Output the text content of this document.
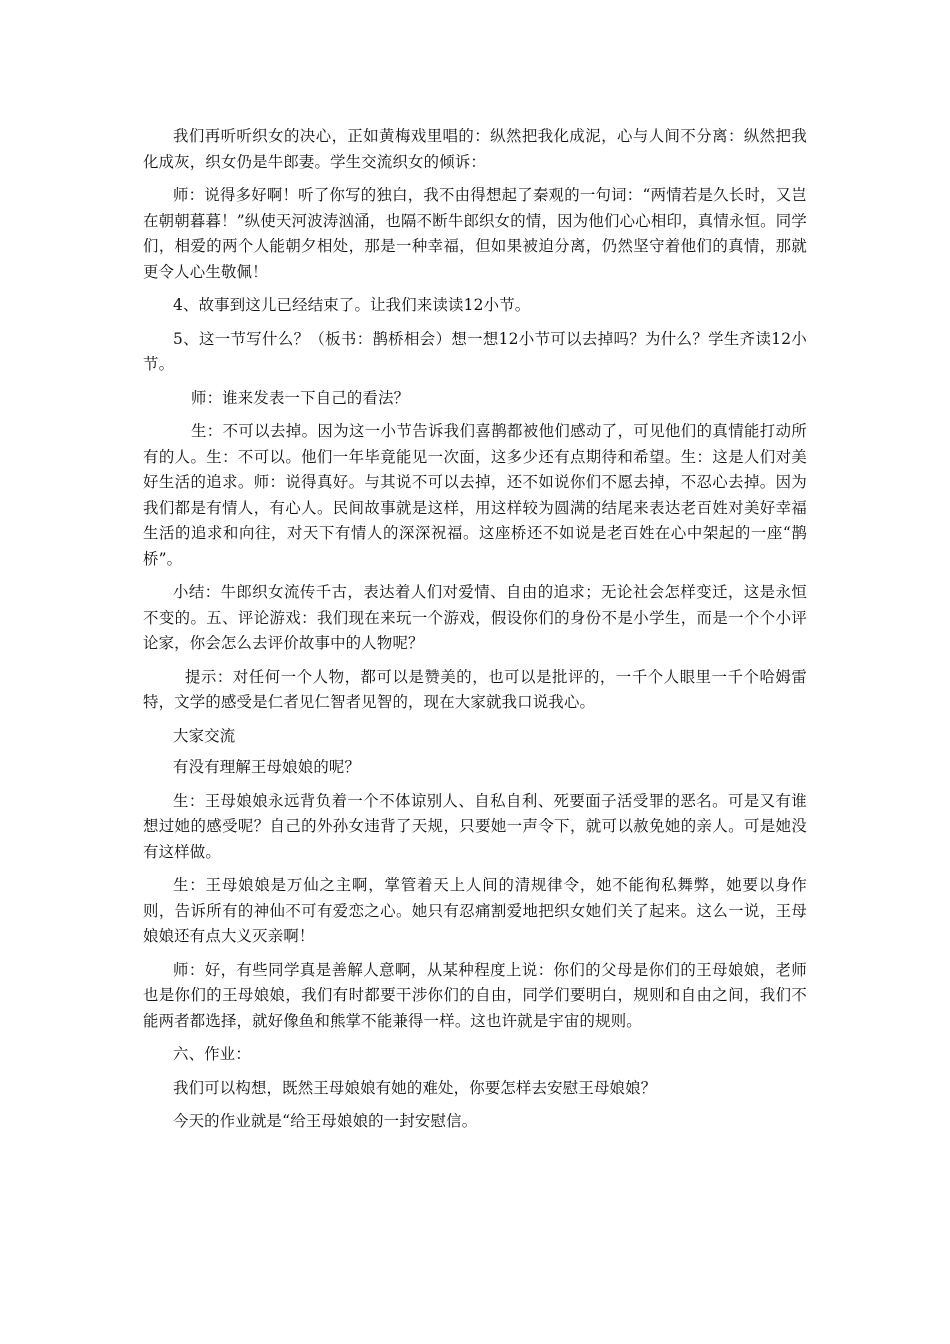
我们再听听织女的决心，正如黄梅戏里唱的：纵然把我化成泥，心与人间不分离：纵然把我化成灰，织女仍是牛郎妻。学生交流织女的倾诉：

师：说得多好啊！听了你写的独白，我不由得想起了秦观的一句词：“两情若是久长时，又岂在朝朝暮暮！”纵使天河波涛汹涌，也隔不断牛郎织女的情，因为他们心心相印，真情永恒。同学们，相爱的两个人能朝夕相处，那是一种幸福，但如果被迫分离，仍然坚守着他们的真情，那就更令人心生敬佩！

4、故事到这儿已经结束了。让我们来读读12小节。

5、这一节写什么？（板书：鹊桥相会）想一想12小节可以去掉吗？为什么？学生齐读12小节。

师：谁来发表一下自己的看法？

生：不可以去掉。因为这一小节告诉我们喜鹊都被他们感动了，可见他们的真情能打动所有的人。生：不可以。他们一年毕竟能见一次面，这多少还有点期待和希望。生：这是人们对美好生活的追求。师：说得真好。与其说不可以去掉，还不如说你们不愿去掉，不忍心去掉。因为我们都是有情人，有心人。民间故事就是这样，用这样较为圆满的结尾来表达老百姓对美好幸福生活的追求和向往，对天下有情人的深深祝福。这座桥还不如说是老百姓在心中架起的一座“鹊桥”。

小结：牛郎织女流传千古，表达着人们对爱情、自由的追求；无论社会怎样变迁，这是永恒不变的。五、评论游戏：我们现在来玩一个游戏，假设你们的身份不是小学生，而是一个个小评论家，你会怎么去评价故事中的人物呢？

提示：对任何一个人物，都可以是赞美的，也可以是批评的，一千个人眼里一千个哈姆雷特，文学的感受是仁者见仁智者见智的，现在大家就我口说我心。

大家交流

有没有理解王母娘娘的呢？

生：王母娘娘永远背负着一个不体谅别人、自私自利、死要面子活受罪的恶名。可是又有谁想过她的感受呢？自己的外孙女违背了天规，只要她一声令下，就可以赦免她的亲人。可是她没有这样做。

生：王母娘娘是万仙之主啊，掌管着天上人间的清规律令，她不能徇私舞弊，她要以身作则，告诉所有的神仙不可有爱恋之心。她只有忍痛割爱地把织女她们关了起来。这么一说，王母娘娘还有点大义灭亲啊！

师：好，有些同学真是善解人意啊，从某种程度上说：你们的父母是你们的王母娘娘，老师也是你们的王母娘娘，我们有时都要干涉你们的自由，同学们要明白，规则和自由之间，我们不能两者都选择，就好像鱼和熊掌不能兼得一样。这也许就是宇宙的规则。

六、作业：

我们可以构想，既然王母娘娘有她的难处，你要怎样去安慰王母娘娘？

今天的作业就是“给王母娘娘的一封安慰信。
